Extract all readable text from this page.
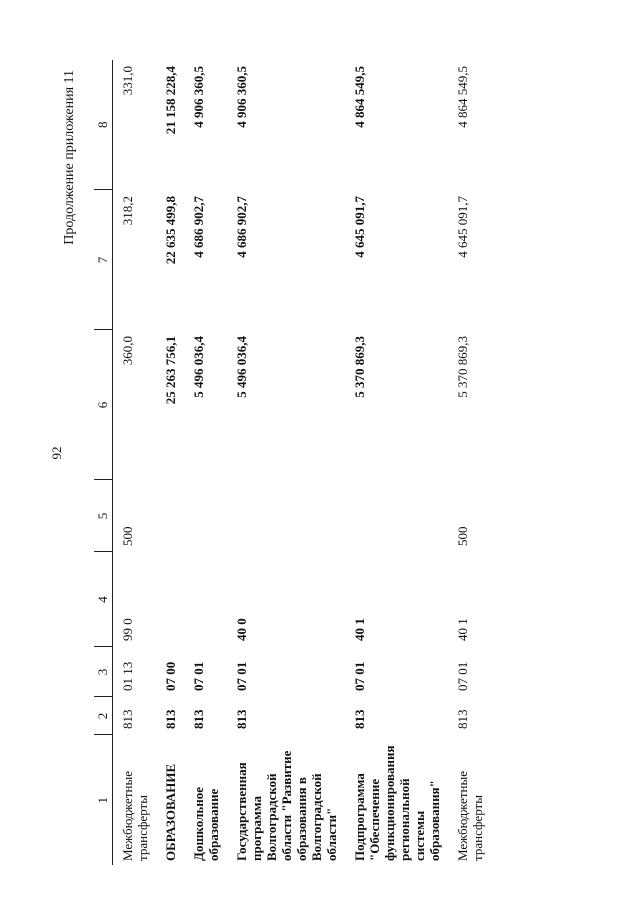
92
Продолжение приложения 11
1	2	3	4	5	6	7	8
Межбюджетные трансферты	813	01 13	99 0	500	360,0	318,2	331,0
ОБРАЗОВАНИЕ	813	07 00			25 263 756,1	22 635 499,8	21 158 228,4
Дошкольное образование	813	07 01			5 496 036,4	4 686 902,7	4 906 360,5
Государственная программа Волгоградской области "Развитие образования в Волгоградской области"	813	07 01	40 0		5 496 036,4	4 686 902,7	4 906 360,5
Подпрограмма "Обеспечение функционирования региональной системы образования"	813	07 01	40 1		5 370 869,3	4 645 091,7	4 864 549,5
Межбюджетные трансферты	813	07 01	40 1	500	5 370 869,3	4 645 091,7	4 864 549,5
